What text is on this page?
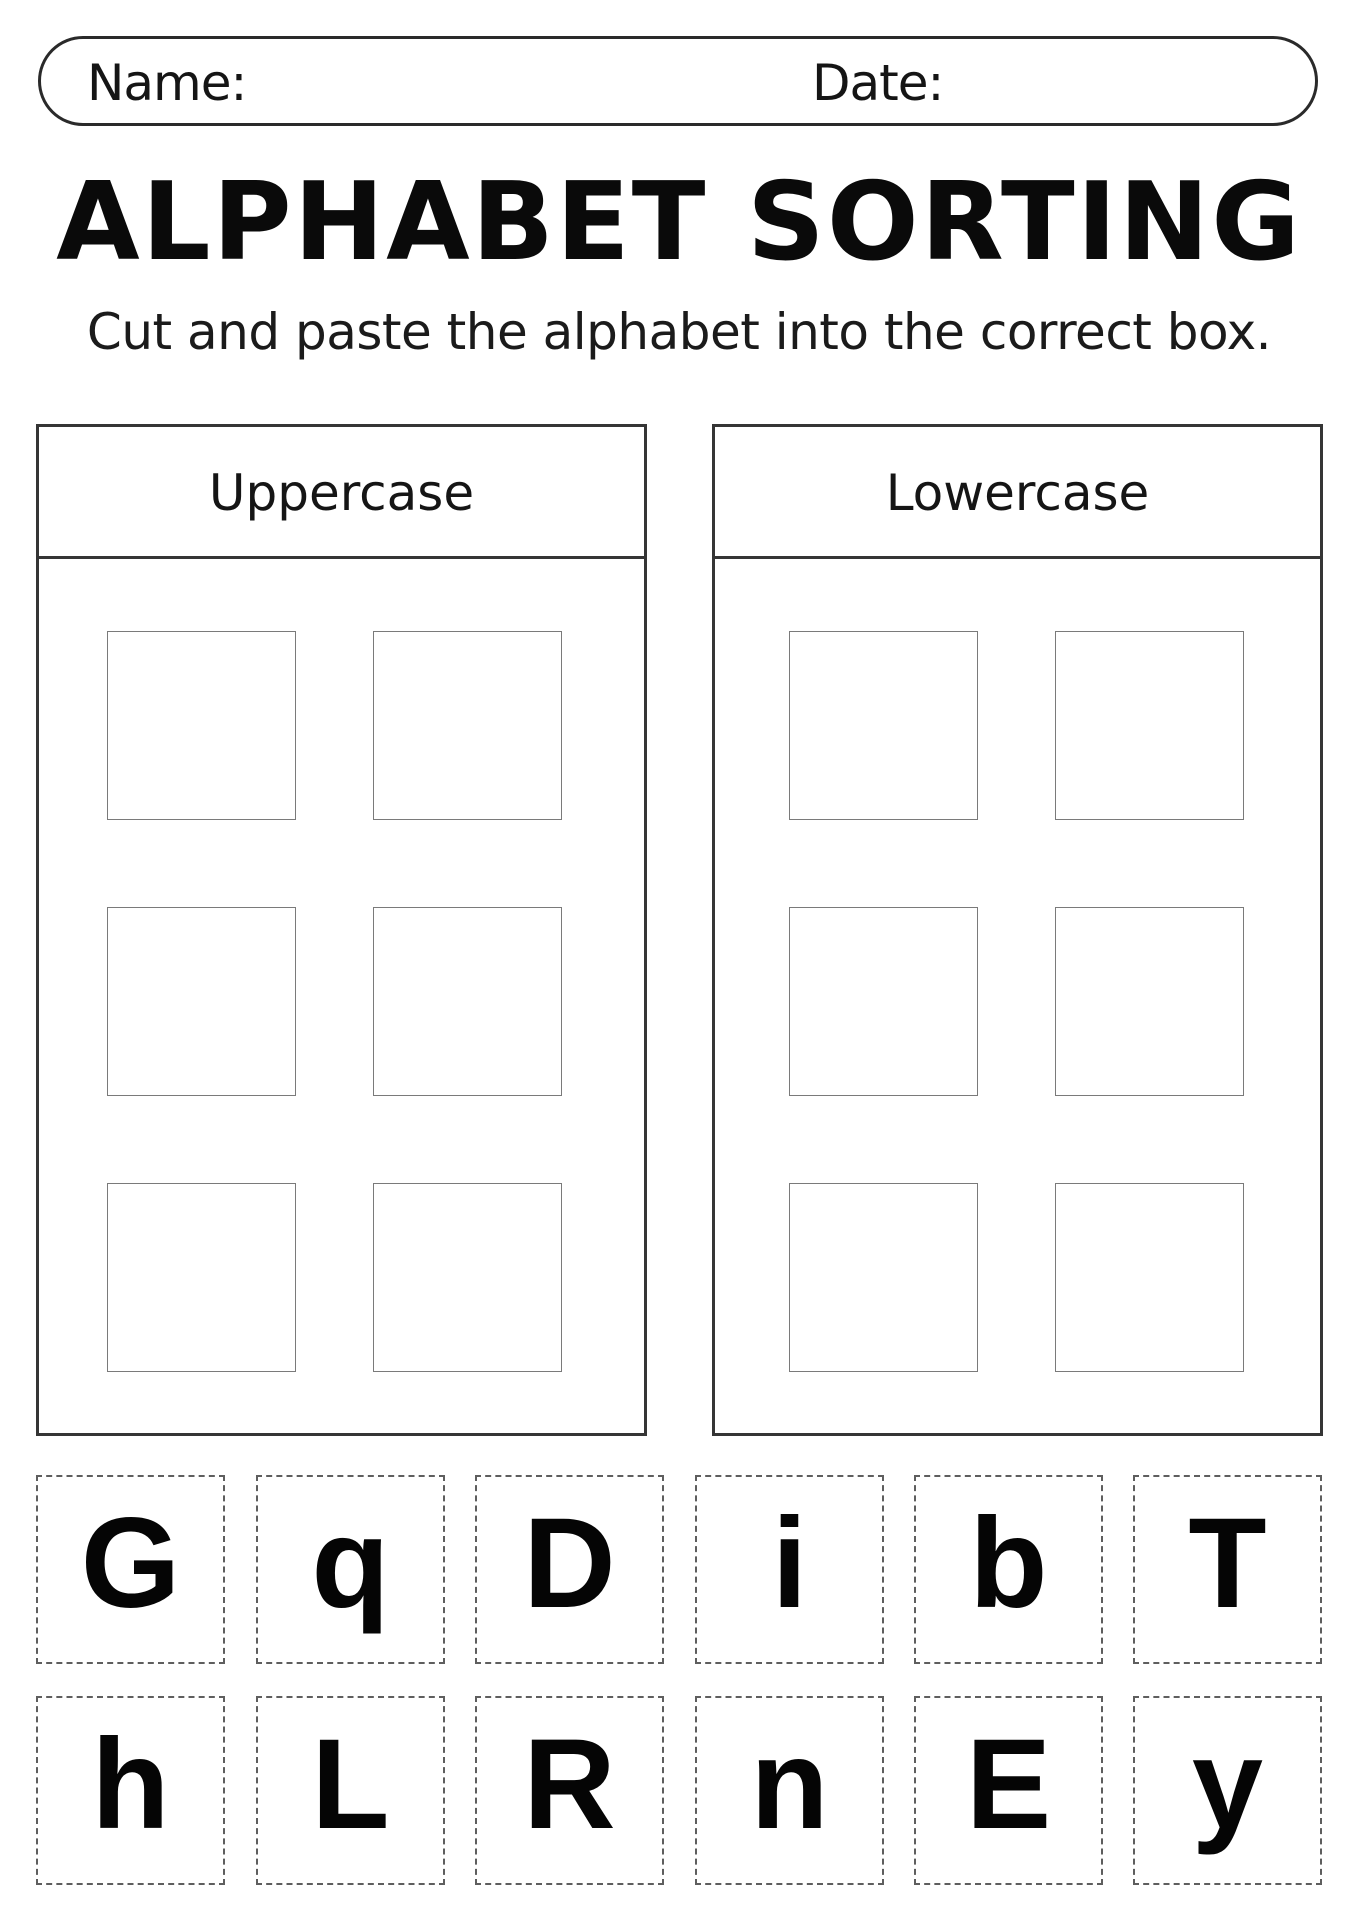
Name:	Date:
ALPHABET SORTING
Cut and paste the alphabet into the correct box.
Uppercase	Lowercase
G	q	D	i	b	T
h	L	R	n	E	y
